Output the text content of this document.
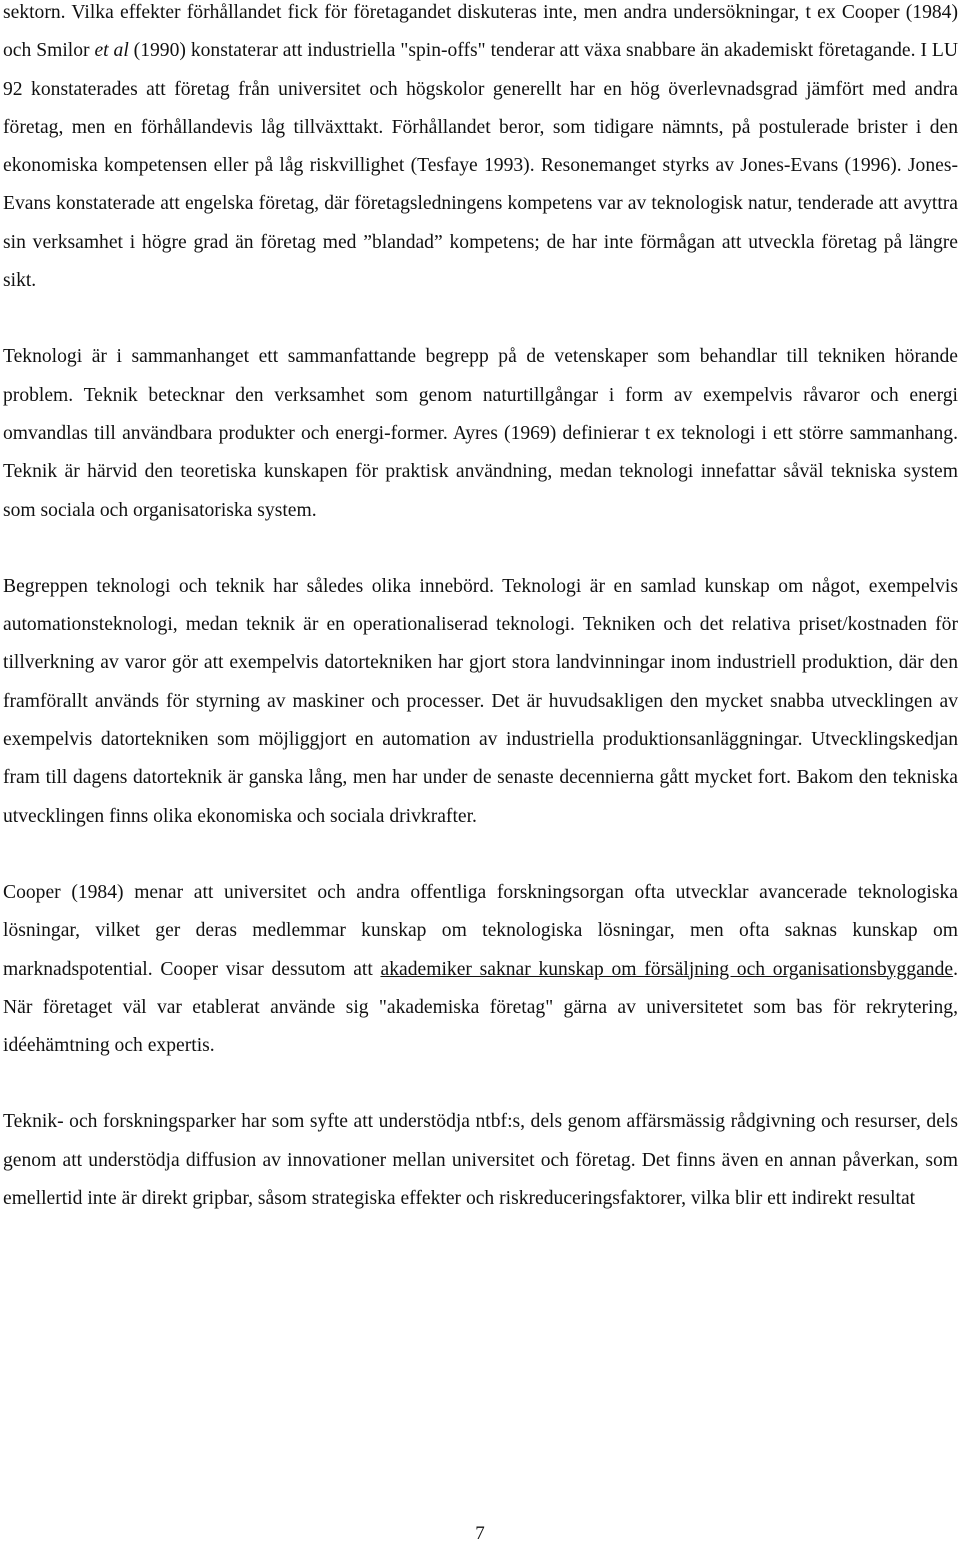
sektorn. Vilka effekter förhållandet fick för företagandet diskuteras inte, men andra undersökningar, t ex Cooper (1984) och Smilor et al (1990) konstaterar att industriella "spin-offs" tenderar att växa snabbare än akademiskt företagande. I LU 92 konstaterades att företag från universitet och högskolor generellt har en hög överlevnadsgrad jämfört med andra företag, men en förhållandevis låg tillväxttakt. Förhållandet beror, som tidigare nämnts, på postulerade brister i den ekonomiska kompetensen eller på låg riskvillighet (Tesfaye 1993). Resonemanget styrks av Jones-Evans (1996). Jones-Evans konstaterade att engelska företag, där företagsledningens kompetens var av teknologisk natur, tenderade att avyttra sin verksamhet i högre grad än företag med ”blandad” kompetens; de har inte förmågan att utveckla företag på längre sikt.

Teknologi är i sammanhanget ett sammanfattande begrepp på de vetenskaper som behandlar till tekniken hörande problem. Teknik betecknar den verksamhet som genom naturtillgångar i form av exempelvis råvaror och energi omvandlas till användbara produkter och energi-former. Ayres (1969) definierar t ex teknologi i ett större sammanhang. Teknik är härvid den teoretiska kunskapen för praktisk användning, medan teknologi innefattar såväl tekniska system som sociala och organisatoriska system.

Begreppen teknologi och teknik har således olika innebörd. Teknologi är en samlad kunskap om något, exempelvis automationsteknologi, medan teknik är en operationaliserad teknologi. Tekniken och det relativa priset/kostnaden för tillverkning av varor gör att exempelvis datortekniken har gjort stora landvinningar inom industriell produktion, där den framförallt används för styrning av maskiner och processer. Det är huvudsakligen den mycket snabba utvecklingen av exempelvis datortekniken som möjliggjort en automation av industriella produktionsanläggningar. Utvecklingskedjan fram till dagens datorteknik är ganska lång, men har under de senaste decennierna gått mycket fort. Bakom den tekniska utvecklingen finns olika ekonomiska och sociala drivkrafter.

Cooper (1984) menar att universitet och andra offentliga forskningsorgan ofta utvecklar avancerade teknologiska lösningar, vilket ger deras medlemmar kunskap om teknologiska lösningar, men ofta saknas kunskap om marknadspotential. Cooper visar dessutom att akademiker saknar kunskap om försäljning och organisationsbyggande. När företaget väl var etablerat använde sig "akademiska företag" gärna av universitetet som bas för rekrytering, idéehämtning och expertis.

Teknik- och forskningsparker har som syfte att understödja ntbf:s, dels genom affärsmässig rådgivning och resurser, dels genom att understödja diffusion av innovationer mellan universitet och företag. Det finns även en annan påverkan, som emellertid inte är direkt gripbar, såsom strategiska effekter och riskreduceringsfaktorer, vilka blir ett indirekt resultat

7
